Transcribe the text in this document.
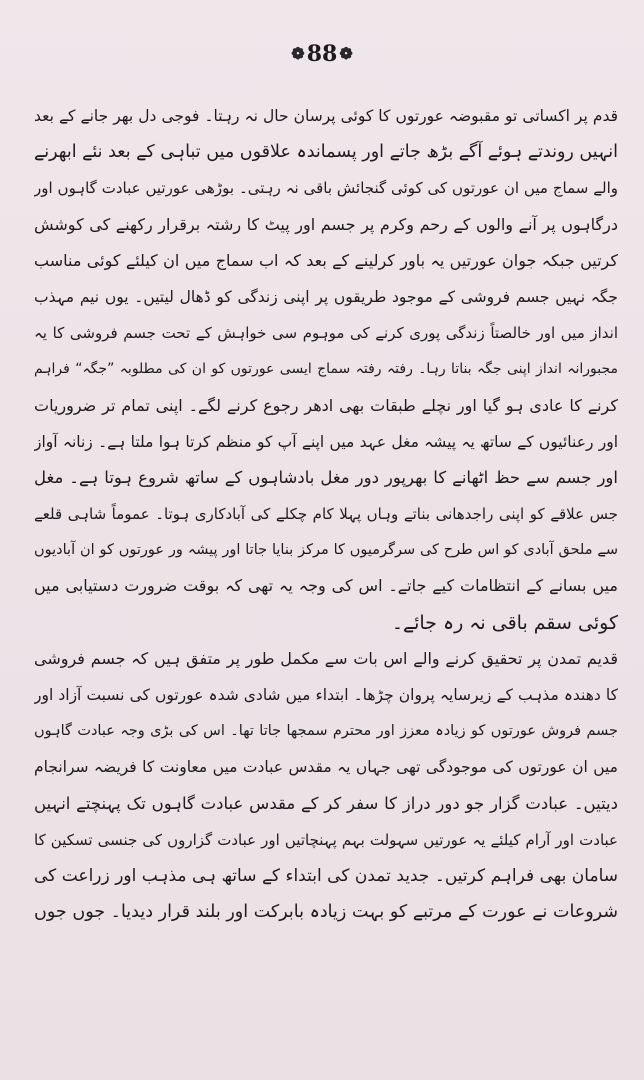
❁88 ❁
قدم پر اکساتی تو مقبوضہ عورتوں کا کوئی پرسان حال نہ رہتا۔ فوجی دل بھر جانے کے بعد
انہیں روندتے ہوئے آگے بڑھ جاتے اور پسماندہ علاقوں میں تباہی کے بعد نئے ابھرنے
والے سماج میں ان عورتوں کی کوئی گنجائش باقی نہ رہتی۔ بوڑھی عورتیں عبادت گاہوں اور
درگاہوں پر آنے والوں کے رحم وکرم پر جسم اور پیٹ کا رشتہ برقرار رکھنے کی کوشش
کرتیں جبکہ جوان عورتیں یہ باور کرلینے کے بعد کہ اب سماج میں ان کیلئے کوئی مناسب
جگہ نہیں جسم فروشی کے موجود طریقوں پر اپنی زندگی کو ڈھال لیتیں۔ یوں نیم مہذب
انداز میں اور خالصتاً زندگی پوری کرنے کی موہوم سی خواہش کے تحت جسم فروشی کا یہ
مجبورانہ انداز اپنی جگہ بناتا رہا۔ رفتہ رفتہ سماج ایسی عورتوں کو ان کی مطلوبہ ”جگہ“ فراہم
کرنے کا عادی ہو گیا اور نچلے طبقات بھی ادھر رجوع کرنے لگے۔ اپنی تمام تر ضروریات
اور رعنائیوں کے ساتھ یہ پیشہ مغل عہد میں اپنے آپ کو منظم کرتا ہوا ملتا ہے۔ زنانہ آواز
اور جسم سے حظ اٹھانے کا بھرپور دور مغل بادشاہوں کے ساتھ شروع ہوتا ہے۔ مغل
جس علاقے کو اپنی راجدھانی بناتے وہاں پہلا کام چکلے کی آبادکاری ہوتا۔ عموماً شاہی قلعے
سے ملحق آبادی کو اس طرح کی سرگرمیوں کا مرکز بنایا جاتا اور پیشہ ور عورتوں کو ان آبادیوں
میں بسانے کے انتظامات کیے جاتے۔ اس کی وجہ یہ تھی کہ بوقت ضرورت دستیابی میں
کوئی سقم باقی نہ رہ جائے۔
قدیم تمدن پر تحقیق کرنے والے اس بات سے مکمل طور پر متفق ہیں کہ جسم فروشی
کا دھندہ مذہب کے زیرسایہ پروان چڑھا۔ ابتداء میں شادی شدہ عورتوں کی نسبت آزاد اور
جسم فروش عورتوں کو زیادہ معزز اور محترم سمجھا جاتا تھا۔ اس کی بڑی وجہ عبادت گاہوں
میں ان عورتوں کی موجودگی تھی جہاں یہ مقدس عبادت میں معاونت کا فریضہ سرانجام
دیتیں۔ عبادت گزار جو دور دراز کا سفر کر کے مقدس عبادت گاہوں تک پہنچتے انہیں
عبادت اور آرام کیلئے یہ عورتیں سہولت بہم پہنچاتیں اور عبادت گزاروں کی جنسی تسکین کا
سامان بھی فراہم کرتیں۔ جدید تمدن کی ابتداء کے ساتھ ہی مذہب اور زراعت کی
شروعات نے عورت کے مرتبے کو بہت زیادہ بابرکت اور بلند قرار دیدیا۔ جوں جوں
